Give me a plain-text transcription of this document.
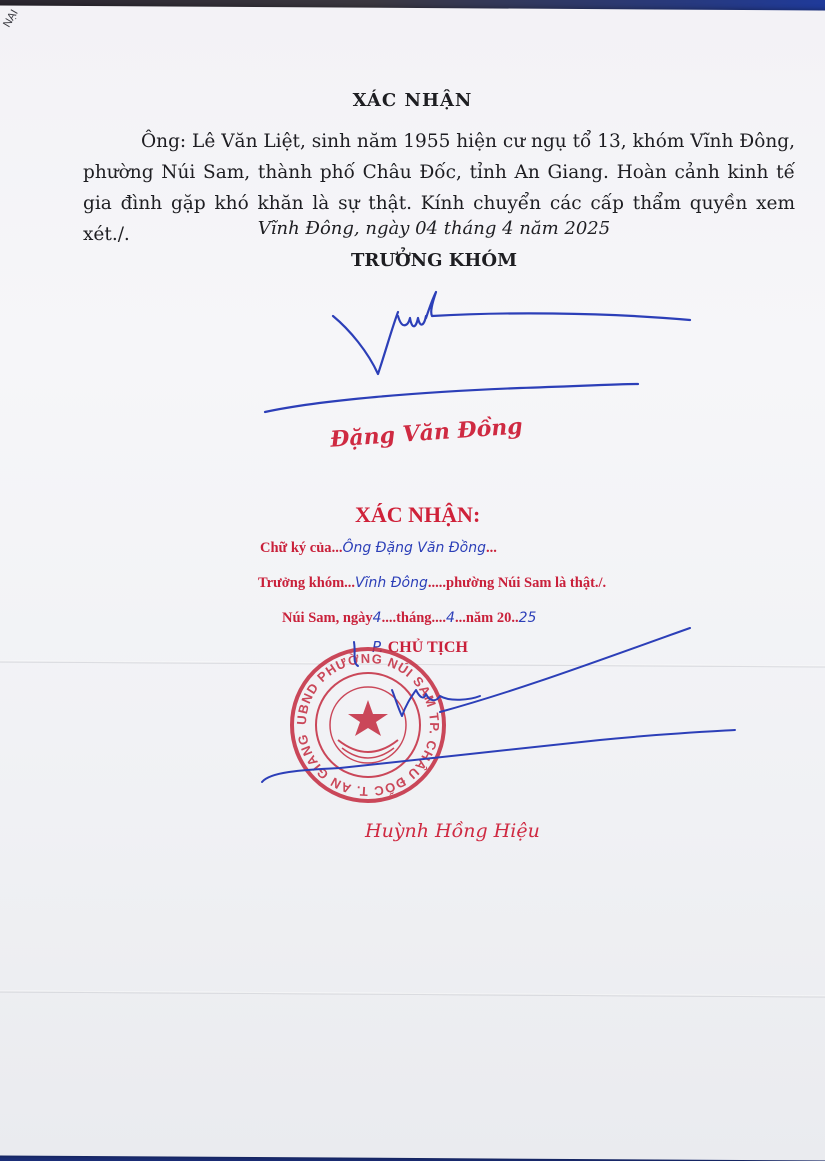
NẠI
XÁC NHẬN
Ông: Lê Văn Liệt, sinh năm 1955 hiện cư ngụ tổ 13, khóm Vĩnh Đông, phường Núi Sam, thành phố Châu Đốc, tỉnh An Giang. Hoàn cảnh kinh tế gia đình gặp khó khăn là sự thật. Kính chuyển các cấp thẩm quyền xem xét./.	Vĩnh Đông, ngày 04 tháng 4 năm 2025
TRƯỞNG KHÓM
Đặng Văn Đồng
XÁC NHẬN:
Chữ ký của...Ông Đặng Văn Đồng...
Trưởng khóm...Vĩnh Đông.....phường Núi Sam là thật./.
Núi Sam, ngày4....tháng....4...năm 20..25
P. CHỦ TỊCH
UBND PHƯỜNG NÚI SAM TP. CHÂU ĐỐC T. AN GIANG
Huỳnh Hồng Hiệu
